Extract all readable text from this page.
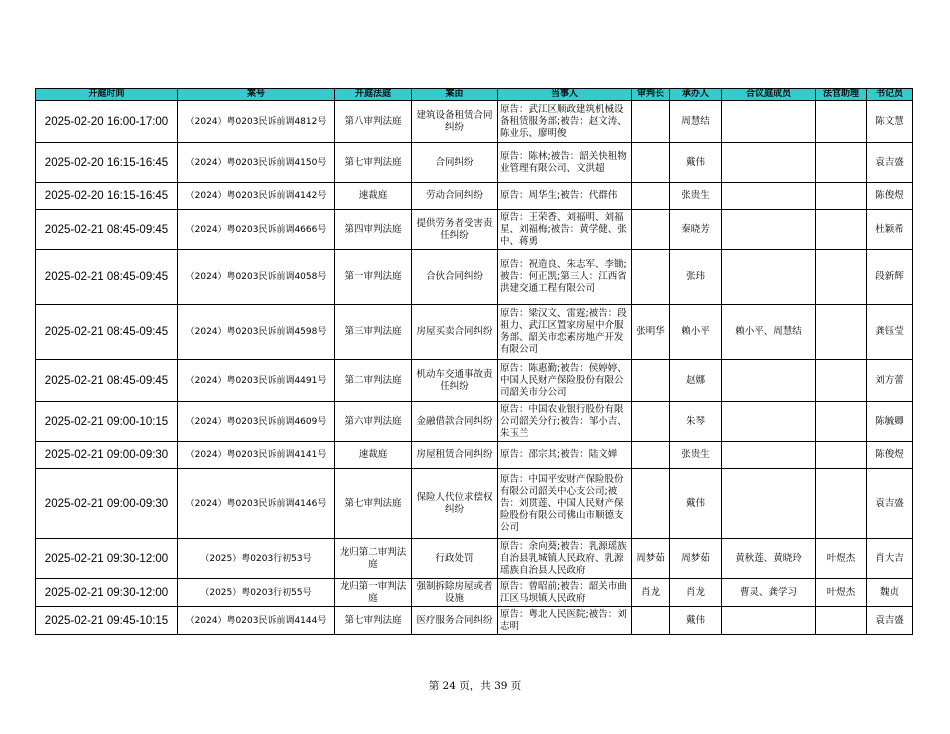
开庭时间	案号	开庭法庭	案由	当事人	审判长	承办人	合议庭成员	法官助理	书记员
2025-02-20 16:00-17:00	（2024）粤0203民诉前调4812号	第八审判法庭	建筑设备租赁合同纠纷	原告：武江区顺政建筑机械设备租赁服务部;被告：赵文涛、陈业乐、廖明俊		周慧结			陈文慧
2025-02-20 16:15-16:45	（2024）粤0203民诉前调4150号	第七审判法庭	合同纠纷	原告：陈林;被告：韶关快租物业管理有限公司、文洪超		戴伟			袁吉盛
2025-02-20 16:15-16:45	（2024）粤0203民诉前调4142号	速裁庭	劳动合同纠纷	原告：周华生;被告：代群伟		张贵生			陈俊煜
2025-02-21 08:45-09:45	（2024）粤0203民诉前调4666号	第四审判法庭	提供劳务者受害责任纠纷	原告：王荣香、刘福明、刘福星、刘福梅;被告：黄学健、张中、蒋勇		秦晓芳			杜颖希
2025-02-21 08:45-09:45	（2024）粤0203民诉前调4058号	第一审判法庭	合伙合同纠纷	原告：祝造良、朱志军、李锄;被告：何正凯;第三人：江西省洪建交通工程有限公司		张玮			段新辉
2025-02-21 08:45-09:45	（2024）粤0203民诉前调4598号	第三审判法庭	房屋买卖合同纠纷	原告：梁汉文、雷霆;被告：段祖力、武江区置家房屋中介服务部、韶关市恋素房地产开发有限公司	张明华	赖小平	赖小平、周慧结		龚钰莹
2025-02-21 08:45-09:45	（2024）粤0203民诉前调4491号	第二审判法庭	机动车交通事故责任纠纷	原告：陈惠勤;被告：侯婷婷、中国人民财产保险股份有限公司韶关市分公司		赵娜			刘方蕾
2025-02-21 09:00-10:15	（2024）粤0203民诉前调4609号	第六审判法庭	金融借款合同纠纷	原告：中国农业银行股份有限公司韶关分行;被告：邹小吉、朱玉兰		朱琴			陈毓卿
2025-02-21 09:00-09:30	（2024）粤0203民诉前调4141号	速裁庭	房屋租赁合同纠纷	原告：邵宗其;被告：陆文婵		张贵生			陈俊煜
2025-02-21 09:00-09:30	（2024）粤0203民诉前调4146号	第七审判法庭	保险人代位求偿权纠纷	原告：中国平安财产保险股份有限公司韶关中心支公司;被告：刘贯莲、中国人民财产保险股份有限公司佛山市顺德支公司		戴伟			袁吉盛
2025-02-21 09:30-12:00	（2025）粤0203行初53号	龙归第二审判法庭	行政处罚	原告：余向葵;被告：乳源瑶族自治县乳城镇人民政府、乳源瑶族自治县人民政府	周梦茹	周梦茹	黄秋莲、黄晓玲	叶煜杰	肖大吉
2025-02-21 09:30-12:00	（2025）粤0203行初55号	龙归第一审判法庭	强制拆除房屋或者设施	原告：曾昭前;被告：韶关市曲江区马坝镇人民政府	肖龙	肖龙	曹灵、龚学习	叶煜杰	魏贞
2025-02-21 09:45-10:15	（2024）粤0203民诉前调4144号	第七审判法庭	医疗服务合同纠纷	原告：粤北人民医院;被告：刘志明		戴伟			袁吉盛
第 24 页，共 39 页
